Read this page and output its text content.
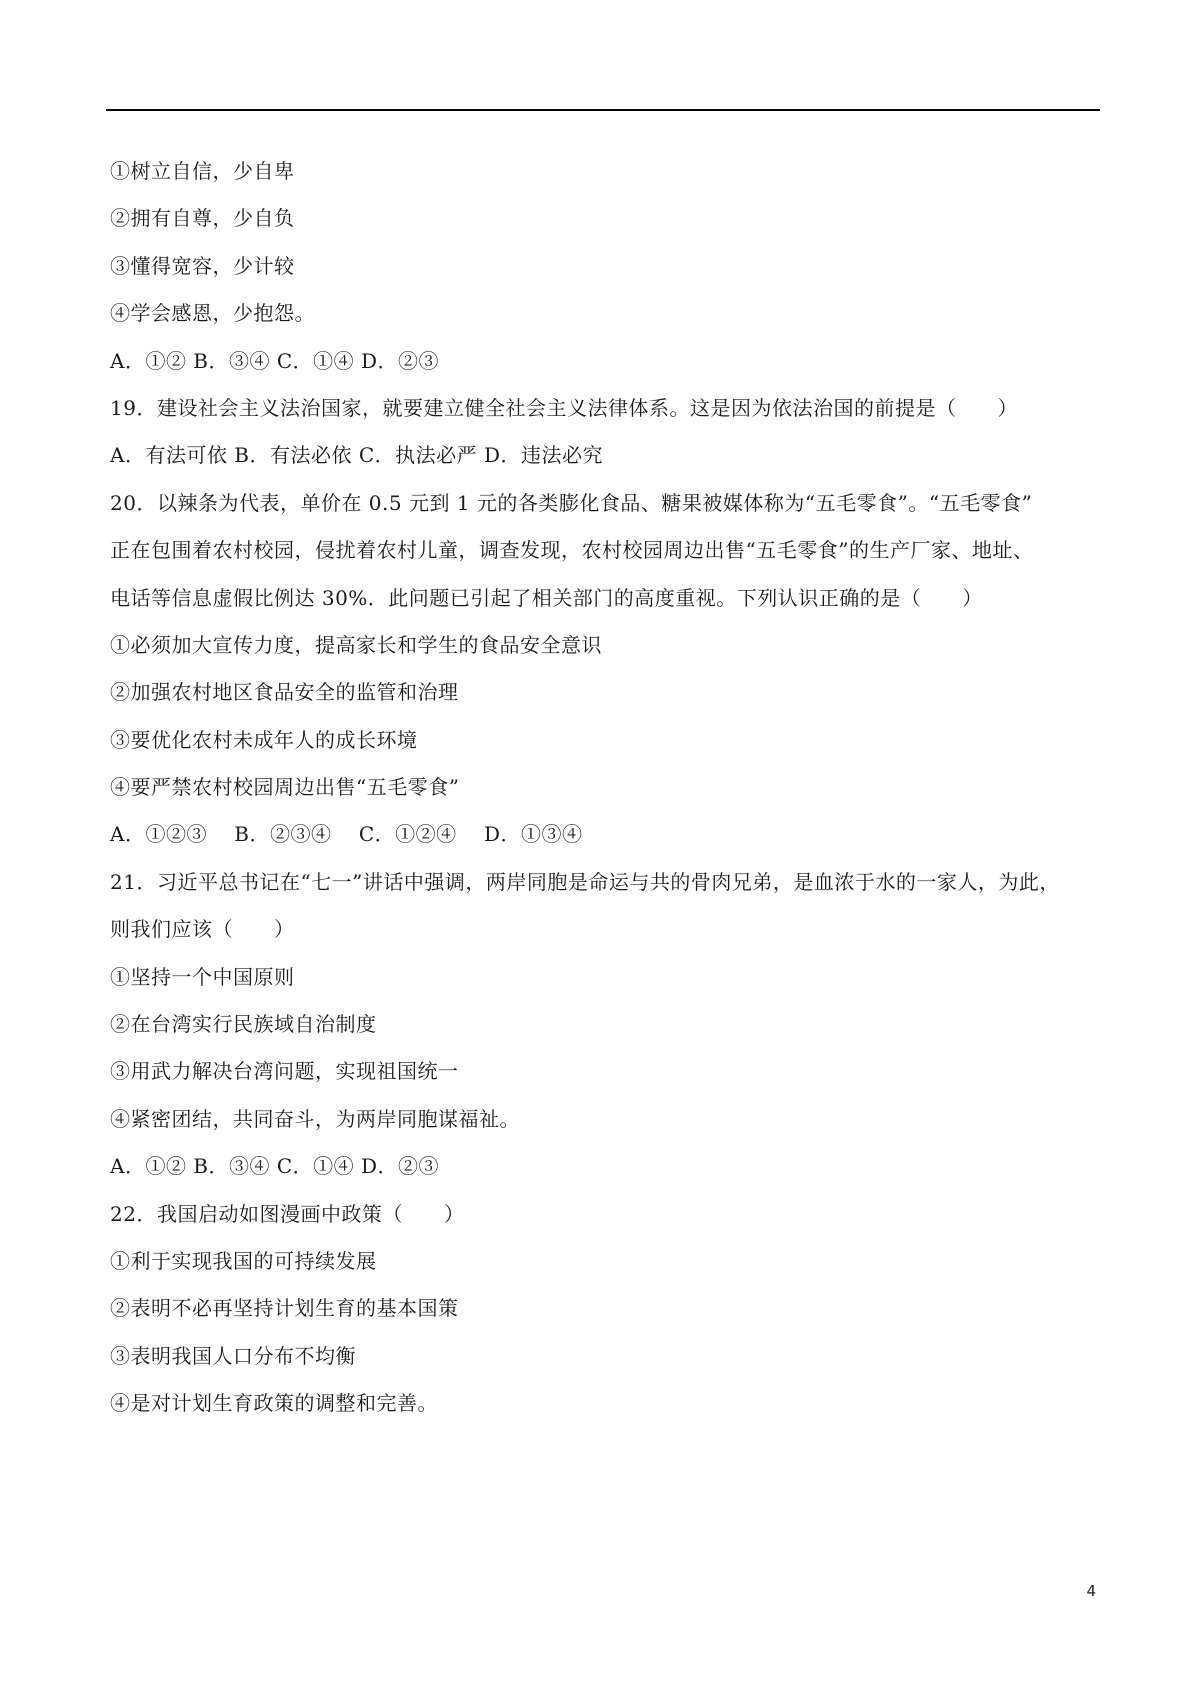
①树立自信，少自卑
②拥有自尊，少自负
③懂得宽容，少计较
④学会感恩，少抱怨。
A．①② B．③④ C．①④ D．②③
19．建设社会主义法治国家，就要建立健全社会主义法律体系。这是因为依法治国的前提是（　　）
A．有法可依 B．有法必依 C．执法必严 D．违法必究
20．以辣条为代表，单价在 0.5 元到 1 元的各类膨化食品、糖果被媒体称为“五毛零食”。“五毛零食”
正在包围着农村校园，侵扰着农村儿童，调查发现，农村校园周边出售“五毛零食”的生产厂家、地址、
电话等信息虚假比例达 30%．此问题已引起了相关部门的高度重视。下列认识正确的是（　　）
①必须加大宣传力度，提高家长和学生的食品安全意识
②加强农村地区食品安全的监管和治理
③要优化农村未成年人的成长环境
④要严禁农村校园周边出售“五毛零食”
A．①②③　 B．②③④　 C．①②④　 D．①③④
21．习近平总书记在“七一”讲话中强调，两岸同胞是命运与共的骨肉兄弟，是血浓于水的一家人，为此，
则我们应该（　　）
①坚持一个中国原则
②在台湾实行民族域自治制度
③用武力解决台湾问题，实现祖国统一
④紧密团结，共同奋斗，为两岸同胞谋福祉。
A．①② B．③④ C．①④ D．②③
22．我国启动如图漫画中政策（　　）
①利于实现我国的可持续发展
②表明不必再坚持计划生育的基本国策
③表明我国人口分布不均衡
④是对计划生育政策的调整和完善。
4
